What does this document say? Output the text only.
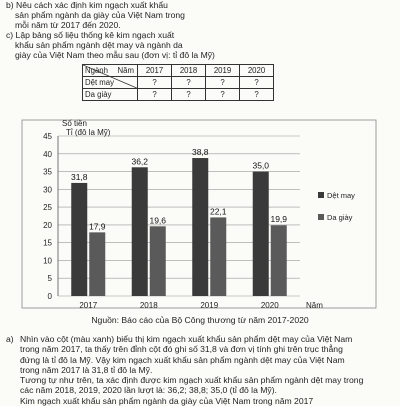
b) Nêu cách xác định kim ngạch xuất khẩu

sản phẩm ngành da giày của Việt Nam trong

mỗi năm từ 2017 đến 2020.

c) Lập bảng số liệu thống kê kim ngạch xuất

khẩu sản phẩm ngành dệt may và ngành da

giày của Việt Nam theo mẫu sau (đơn vị: tỉ đô la Mỹ)

Năm
Ngành	2017	2018	2019	2020
Dệt may	?	?	?	?
Da giày	?	?	?	?
0
5
10
15
20
25
30
35
40
45
Số tiền
Tỉ (đô la Mỹ)
31,8
17,9
2017
36,2
19,6
2018
38,8
22,1
2019
35,0
19,9
2020	Năm
Dệt may
Da giày
Nguồn: Báo cáo của Bộ Công thương từ năm 2017-2020
a) Nhìn vào cột (màu xanh) biểu thị kim ngạch xuất khẩu sản phẩm dệt may của Việt Nam

trong năm 2017, ta thấy trên đỉnh cột đó ghi số 31,8 và đơn vị tính ghi trên trục thẳng

đứng là tỉ đô la Mỹ. Vậy kim ngạch xuất khẩu sản phẩm ngành dệt may của Việt Nam

trong năm 2017 là 31,8 tỉ đô la Mỹ.

Tương tự như trên, ta xác định được kim ngạch xuất khẩu sản phẩm ngành dệt may trong

các năm 2018, 2019, 2020 lần lượt là: 36,2; 38,8; 35,0 (tỉ đô la Mỹ).

Kim ngạch xuất khẩu sản phẩm ngành da giày của Việt Nam trong năm 2017
